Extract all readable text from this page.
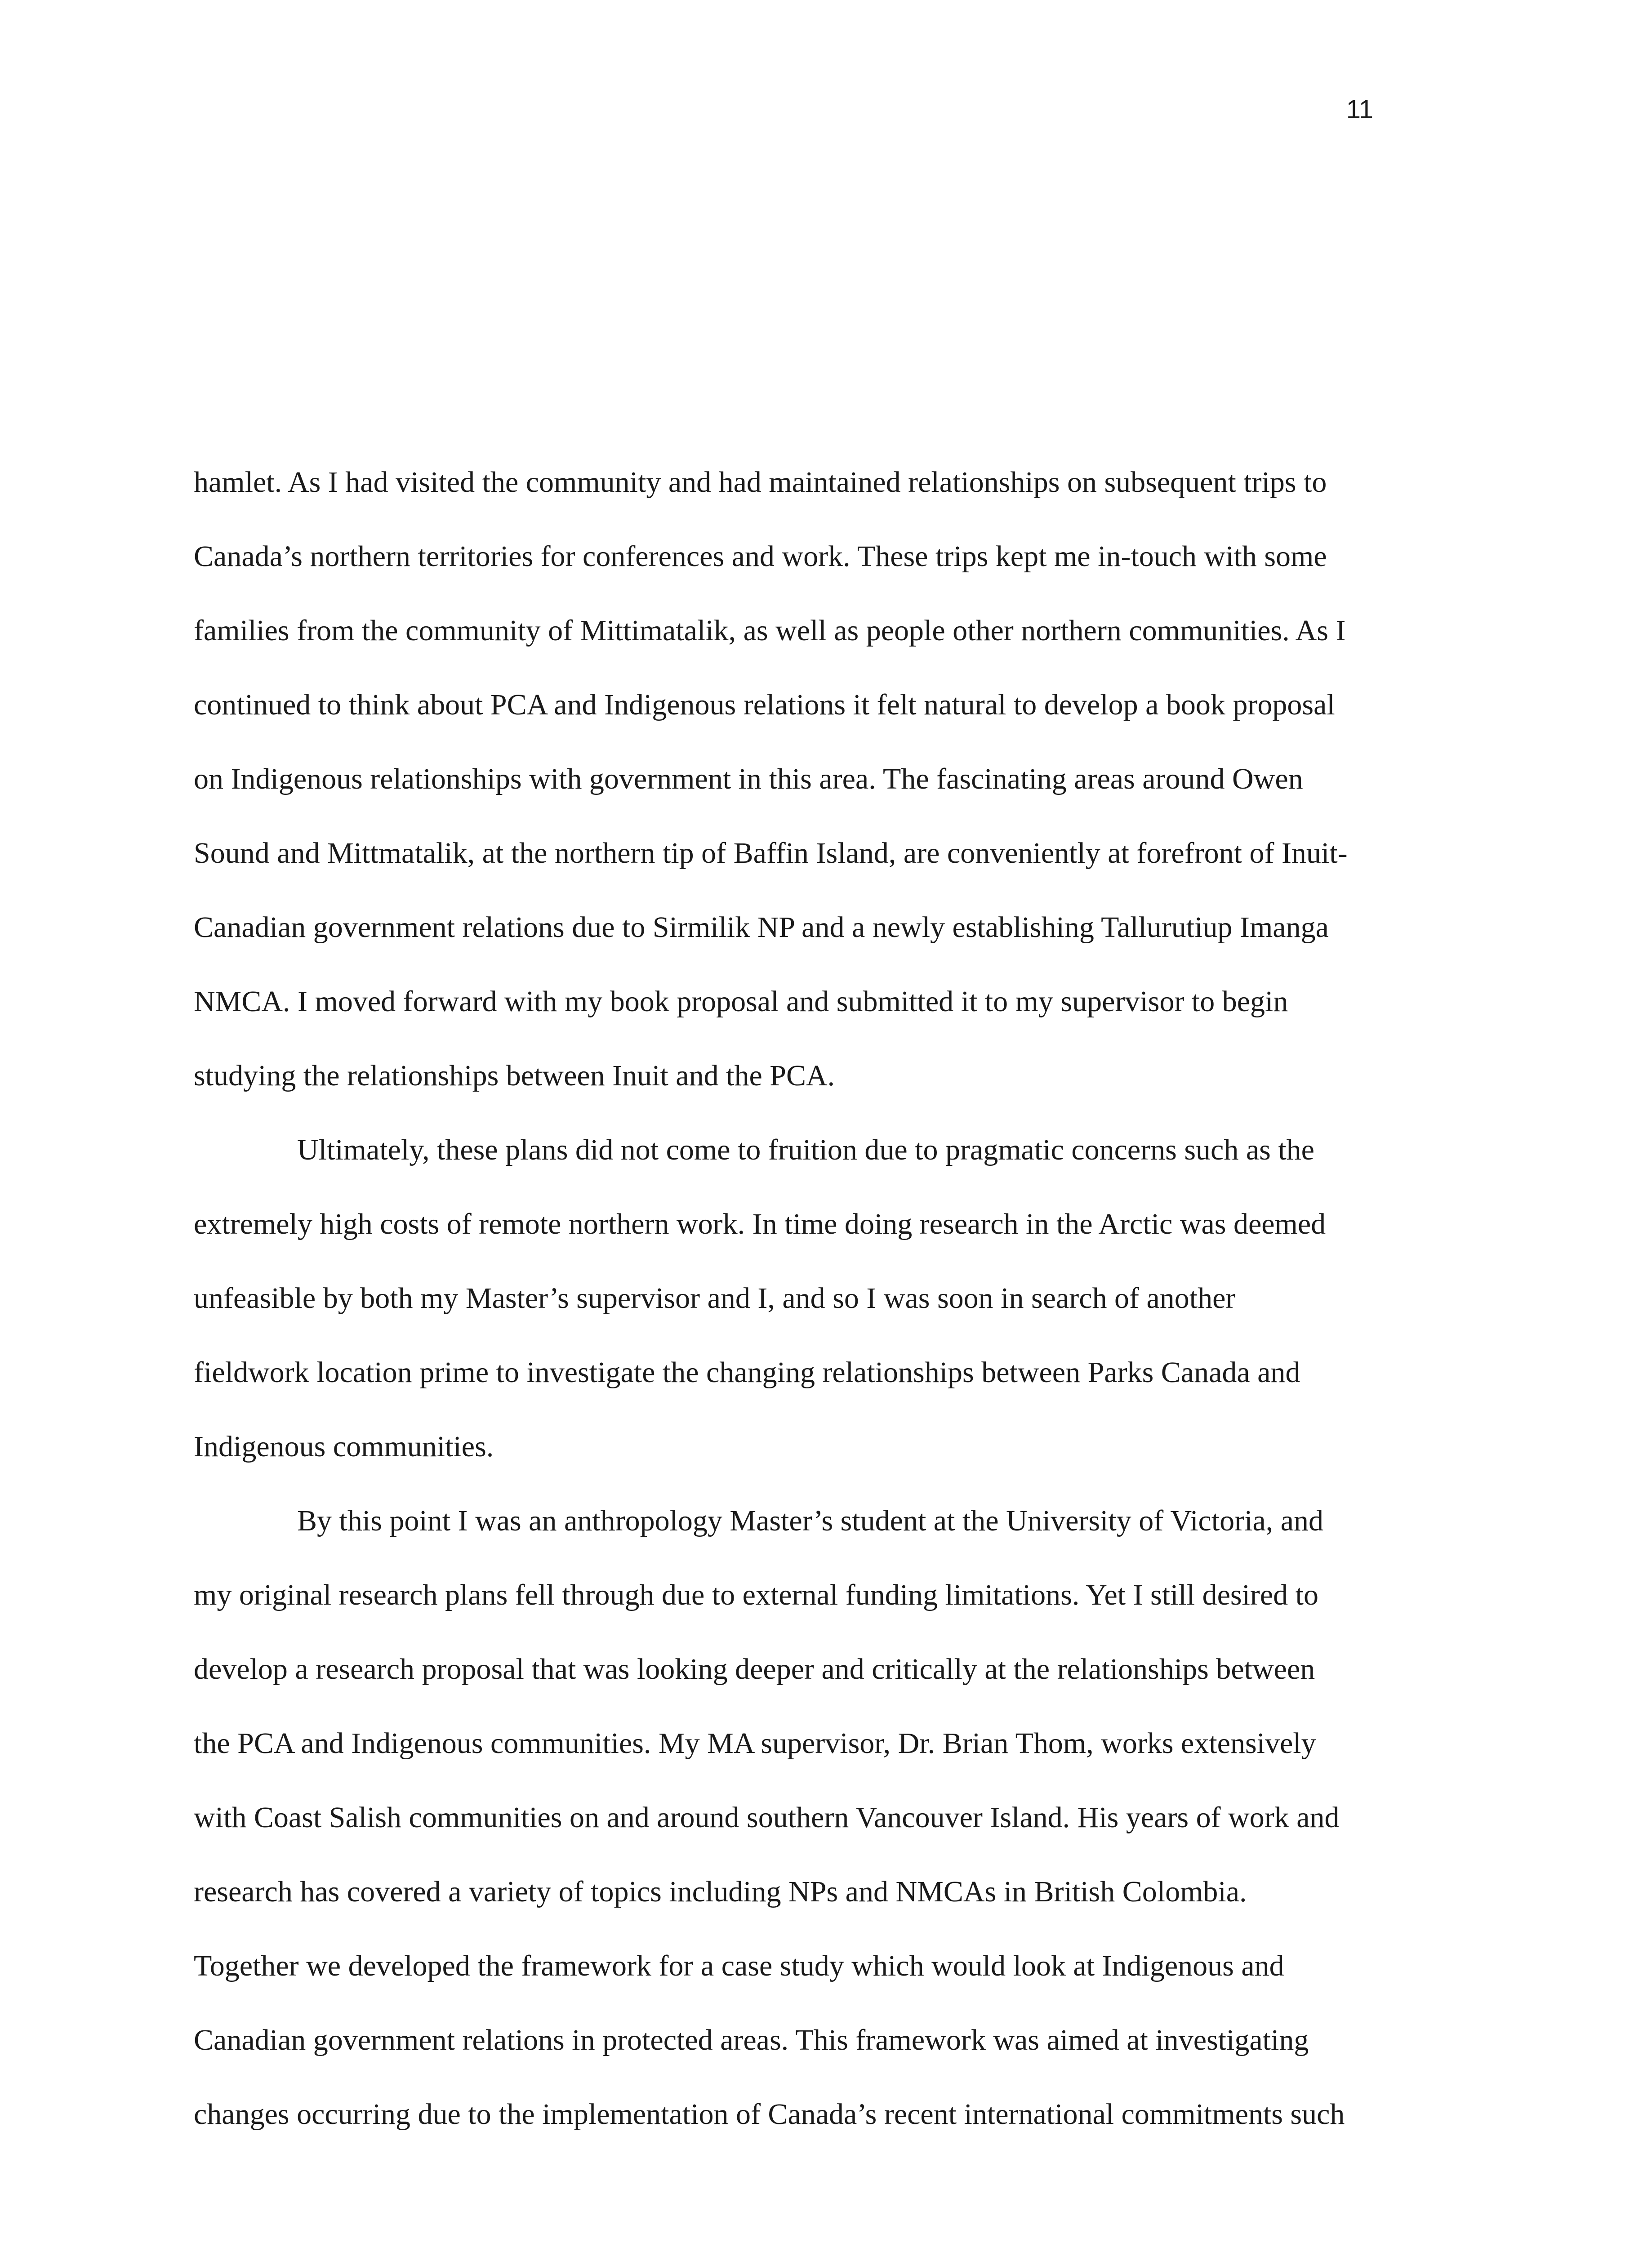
11

hamlet. As I had visited the community and had maintained relationships on subsequent trips to

Canada’s northern territories for conferences and work. These trips kept me in-touch with some

families from the community of Mittimatalik, as well as people other northern communities. As I

continued to think about PCA and Indigenous relations it felt natural to develop a book proposal

on Indigenous relationships with government in this area. The fascinating areas around Owen

Sound and Mittmatalik, at the northern tip of Baffin Island, are conveniently at forefront of Inuit-

Canadian government relations due to Sirmilik NP and a newly establishing Tallurutiup Imanga

NMCA. I moved forward with my book proposal and submitted it to my supervisor to begin

studying the relationships between Inuit and the PCA.

Ultimately, these plans did not come to fruition due to pragmatic concerns such as the

extremely high costs of remote northern work. In time doing research in the Arctic was deemed

unfeasible by both my Master’s supervisor and I, and so I was soon in search of another

fieldwork location prime to investigate the changing relationships between Parks Canada and

Indigenous communities.

By this point I was an anthropology Master’s student at the University of Victoria, and

my original research plans fell through due to external funding limitations. Yet I still desired to

develop a research proposal that was looking deeper and critically at the relationships between

the PCA and Indigenous communities. My MA supervisor, Dr. Brian Thom, works extensively

with Coast Salish communities on and around southern Vancouver Island. His years of work and

research has covered a variety of topics including NPs and NMCAs in British Colombia.

Together we developed the framework for a case study which would look at Indigenous and

Canadian government relations in protected areas. This framework was aimed at investigating

changes occurring due to the implementation of Canada’s recent international commitments such
